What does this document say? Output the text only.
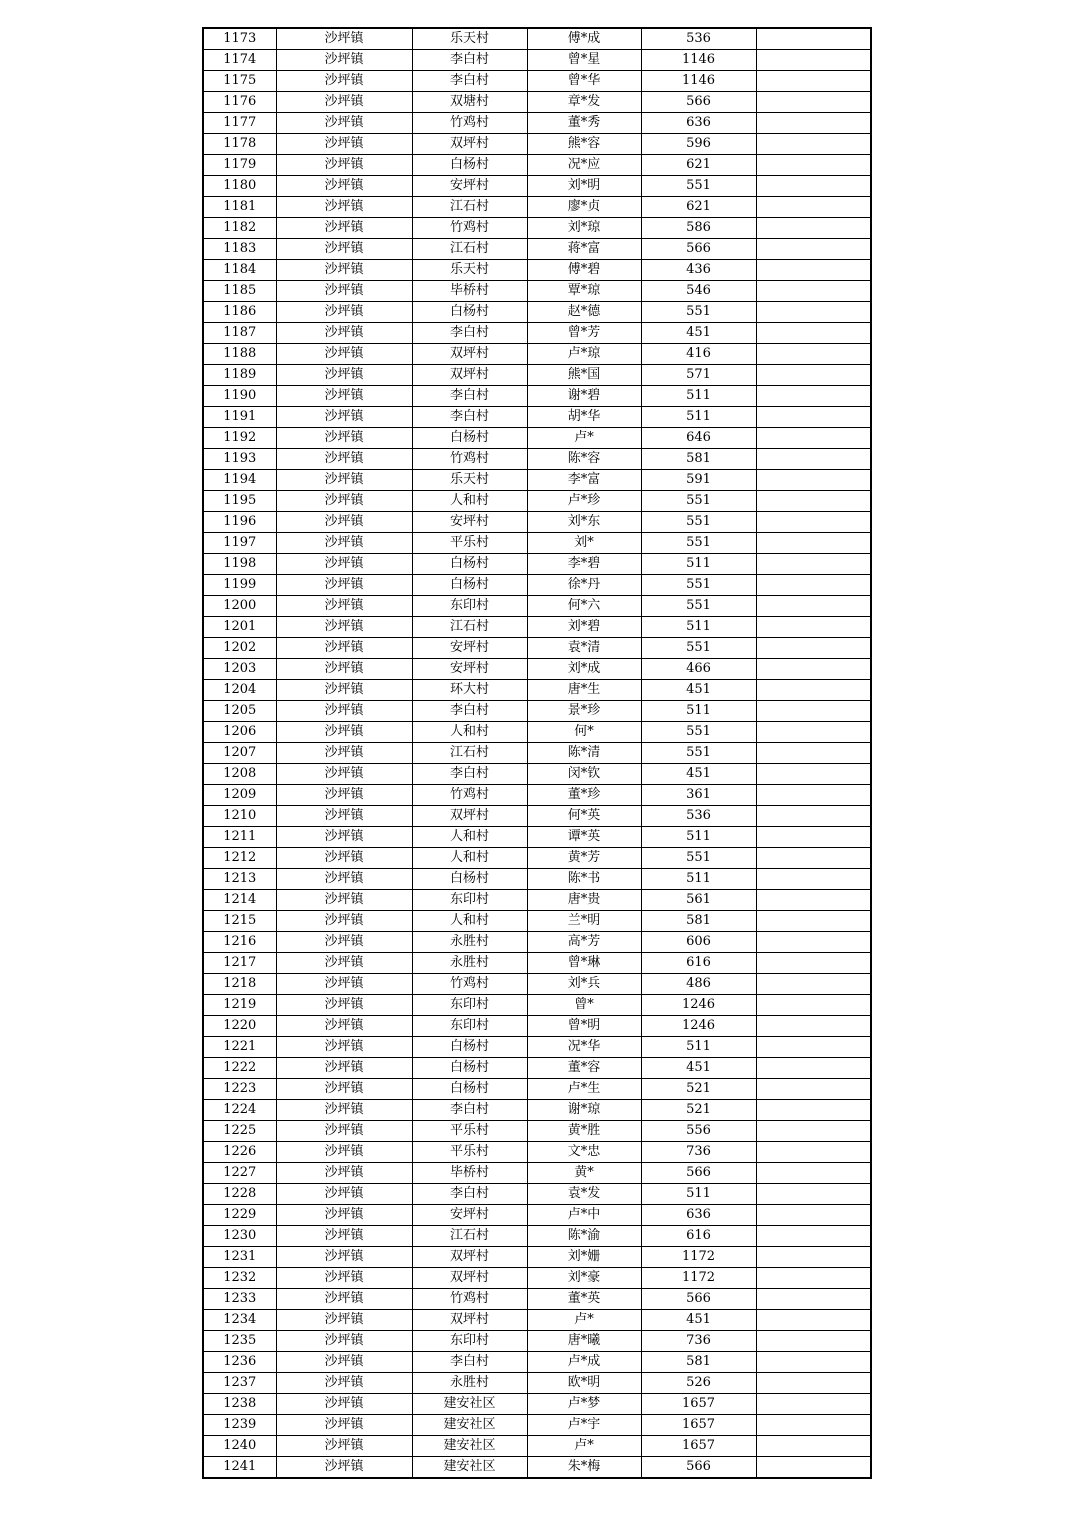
1173	沙坪镇	乐天村	傅*成	536	
1174	沙坪镇	李白村	曾*星	1146	
1175	沙坪镇	李白村	曾*华	1146	
1176	沙坪镇	双塘村	章*发	566	
1177	沙坪镇	竹鸡村	董*秀	636	
1178	沙坪镇	双坪村	熊*容	596	
1179	沙坪镇	白杨村	况*应	621	
1180	沙坪镇	安坪村	刘*明	551	
1181	沙坪镇	江石村	廖*贞	621	
1182	沙坪镇	竹鸡村	刘*琼	586	
1183	沙坪镇	江石村	蒋*富	566	
1184	沙坪镇	乐天村	傅*碧	436	
1185	沙坪镇	毕桥村	覃*琼	546	
1186	沙坪镇	白杨村	赵*德	551	
1187	沙坪镇	李白村	曾*芳	451	
1188	沙坪镇	双坪村	卢*琼	416	
1189	沙坪镇	双坪村	熊*国	571	
1190	沙坪镇	李白村	谢*碧	511	
1191	沙坪镇	李白村	胡*华	511	
1192	沙坪镇	白杨村	卢*	646	
1193	沙坪镇	竹鸡村	陈*容	581	
1194	沙坪镇	乐天村	李*富	591	
1195	沙坪镇	人和村	卢*珍	551	
1196	沙坪镇	安坪村	刘*东	551	
1197	沙坪镇	平乐村	刘*	551	
1198	沙坪镇	白杨村	李*碧	511	
1199	沙坪镇	白杨村	徐*丹	551	
1200	沙坪镇	东印村	何*六	551	
1201	沙坪镇	江石村	刘*碧	511	
1202	沙坪镇	安坪村	袁*清	551	
1203	沙坪镇	安坪村	刘*成	466	
1204	沙坪镇	环大村	唐*生	451	
1205	沙坪镇	李白村	景*珍	511	
1206	沙坪镇	人和村	何*	551	
1207	沙坪镇	江石村	陈*清	551	
1208	沙坪镇	李白村	闵*钦	451	
1209	沙坪镇	竹鸡村	董*珍	361	
1210	沙坪镇	双坪村	何*英	536	
1211	沙坪镇	人和村	谭*英	511	
1212	沙坪镇	人和村	黄*芳	551	
1213	沙坪镇	白杨村	陈*书	511	
1214	沙坪镇	东印村	唐*贵	561	
1215	沙坪镇	人和村	兰*明	581	
1216	沙坪镇	永胜村	高*芳	606	
1217	沙坪镇	永胜村	曾*琳	616	
1218	沙坪镇	竹鸡村	刘*兵	486	
1219	沙坪镇	东印村	曾*	1246	
1220	沙坪镇	东印村	曾*明	1246	
1221	沙坪镇	白杨村	况*华	511	
1222	沙坪镇	白杨村	董*容	451	
1223	沙坪镇	白杨村	卢*生	521	
1224	沙坪镇	李白村	谢*琼	521	
1225	沙坪镇	平乐村	黄*胜	556	
1226	沙坪镇	平乐村	文*忠	736	
1227	沙坪镇	毕桥村	黄*	566	
1228	沙坪镇	李白村	袁*发	511	
1229	沙坪镇	安坪村	卢*中	636	
1230	沙坪镇	江石村	陈*渝	616	
1231	沙坪镇	双坪村	刘*姗	1172	
1232	沙坪镇	双坪村	刘*豪	1172	
1233	沙坪镇	竹鸡村	董*英	566	
1234	沙坪镇	双坪村	卢*	451	
1235	沙坪镇	东印村	唐*曦	736	
1236	沙坪镇	李白村	卢*成	581	
1237	沙坪镇	永胜村	欧*明	526	
1238	沙坪镇	建安社区	卢*梦	1657	
1239	沙坪镇	建安社区	卢*宇	1657	
1240	沙坪镇	建安社区	卢*	1657	
1241	沙坪镇	建安社区	朱*梅	566	
